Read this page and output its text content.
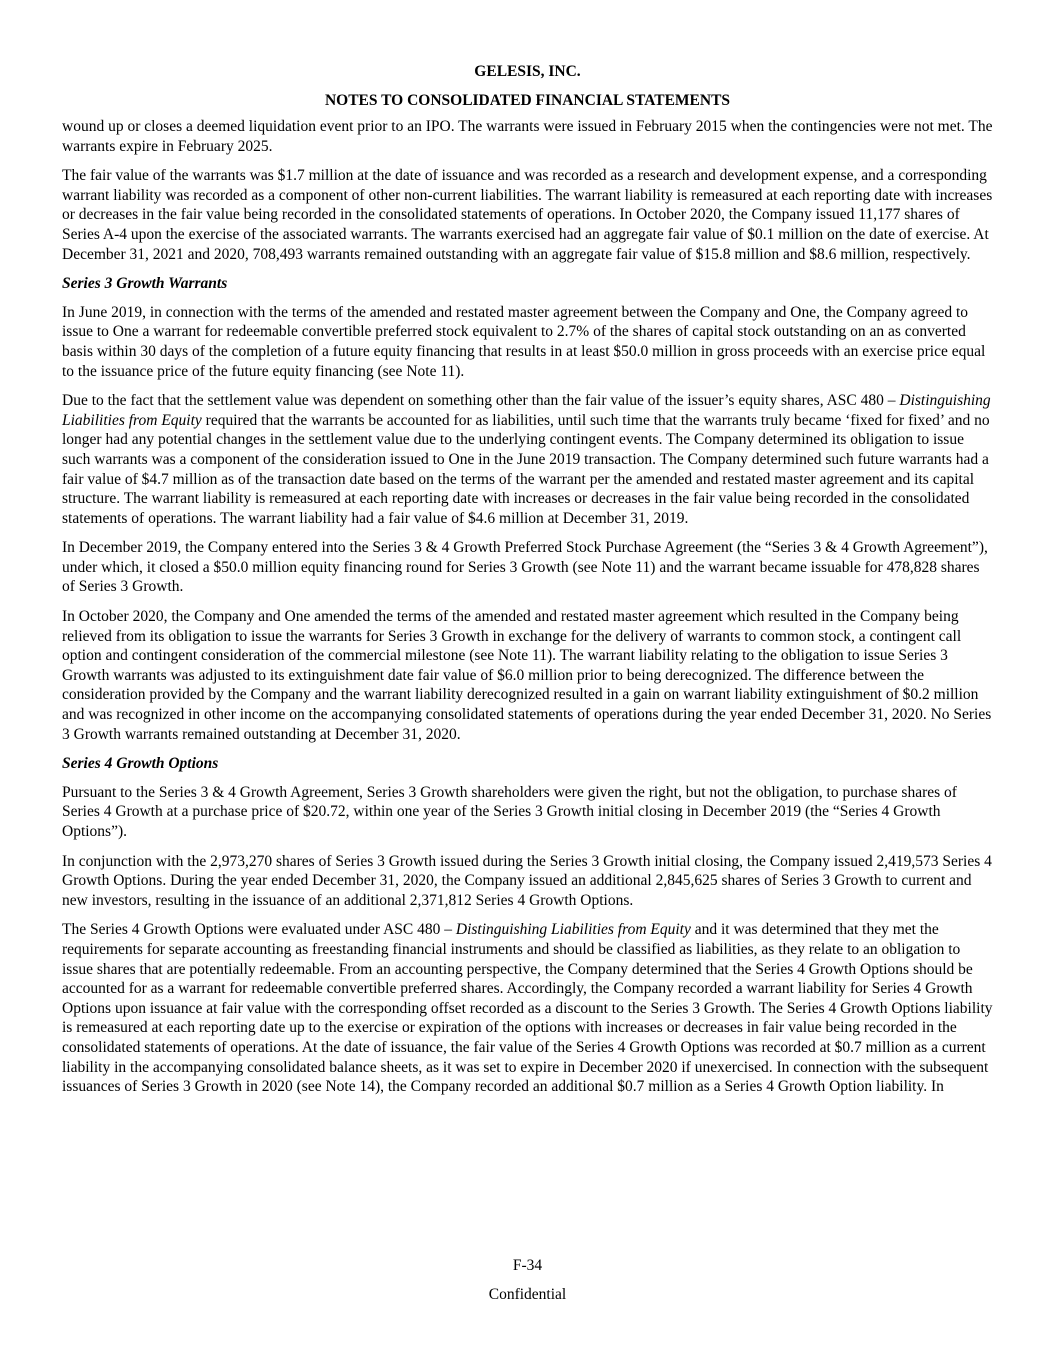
GELESIS, INC.

NOTES TO CONSOLIDATED FINANCIAL STATEMENTS

wound up or closes a deemed liquidation event prior to an IPO. The warrants were issued in February 2015 when the contingencies were not met. The warrants expire in February 2025.

The fair value of the warrants was $1.7 million at the date of issuance and was recorded as a research and development expense, and a corresponding warrant liability was recorded as a component of other non-current liabilities. The warrant liability is remeasured at each reporting date with increases or decreases in the fair value being recorded in the consolidated statements of operations. In October 2020, the Company issued 11,177 shares of Series A-4 upon the exercise of the associated warrants. The warrants exercised had an aggregate fair value of $0.1 million on the date of exercise. At December 31, 2021 and 2020, 708,493 warrants remained outstanding with an aggregate fair value of $15.8 million and $8.6 million, respectively.

Series 3 Growth Warrants

In June 2019, in connection with the terms of the amended and restated master agreement between the Company and One, the Company agreed to issue to One a warrant for redeemable convertible preferred stock equivalent to 2.7% of the shares of capital stock outstanding on an as converted basis within 30 days of the completion of a future equity financing that results in at least $50.0 million in gross proceeds with an exercise price equal to the issuance price of the future equity financing (see Note 11).

Due to the fact that the settlement value was dependent on something other than the fair value of the issuer’s equity shares, ASC 480 – Distinguishing Liabilities from Equity required that the warrants be accounted for as liabilities, until such time that the warrants truly became ‘fixed for fixed’ and no longer had any potential changes in the settlement value due to the underlying contingent events. The Company determined its obligation to issue such warrants was a component of the consideration issued to One in the June 2019 transaction. The Company determined such future warrants had a fair value of $4.7 million as of the transaction date based on the terms of the warrant per the amended and restated master agreement and its capital structure. The warrant liability is remeasured at each reporting date with increases or decreases in the fair value being recorded in the consolidated statements of operations. The warrant liability had a fair value of $4.6 million at December 31, 2019.

In December 2019, the Company entered into the Series 3 & 4 Growth Preferred Stock Purchase Agreement (the “Series 3 & 4 Growth Agreement”), under which, it closed a $50.0 million equity financing round for Series 3 Growth (see Note 11) and the warrant became issuable for 478,828 shares of Series 3 Growth.

In October 2020, the Company and One amended the terms of the amended and restated master agreement which resulted in the Company being relieved from its obligation to issue the warrants for Series 3 Growth in exchange for the delivery of warrants to common stock, a contingent call option and contingent consideration of the commercial milestone (see Note 11). The warrant liability relating to the obligation to issue Series 3 Growth warrants was adjusted to its extinguishment date fair value of $6.0 million prior to being derecognized. The difference between the consideration provided by the Company and the warrant liability derecognized resulted in a gain on warrant liability extinguishment of $0.2 million and was recognized in other income on the accompanying consolidated statements of operations during the year ended December 31, 2020. No Series 3 Growth warrants remained outstanding at December 31, 2020.

Series 4 Growth Options

Pursuant to the Series 3 & 4 Growth Agreement, Series 3 Growth shareholders were given the right, but not the obligation, to purchase shares of Series 4 Growth at a purchase price of $20.72, within one year of the Series 3 Growth initial closing in December 2019 (the “Series 4 Growth Options”).

In conjunction with the 2,973,270 shares of Series 3 Growth issued during the Series 3 Growth initial closing, the Company issued 2,419,573 Series 4 Growth Options. During the year ended December 31, 2020, the Company issued an additional 2,845,625 shares of Series 3 Growth to current and new investors, resulting in the issuance of an additional 2,371,812 Series 4 Growth Options.

The Series 4 Growth Options were evaluated under ASC 480 – Distinguishing Liabilities from Equity and it was determined that they met the requirements for separate accounting as freestanding financial instruments and should be classified as liabilities, as they relate to an obligation to issue shares that are potentially redeemable. From an accounting perspective, the Company determined that the Series 4 Growth Options should be accounted for as a warrant for redeemable convertible preferred shares. Accordingly, the Company recorded a warrant liability for Series 4 Growth Options upon issuance at fair value with the corresponding offset recorded as a discount to the Series 3 Growth. The Series 4 Growth Options liability is remeasured at each reporting date up to the exercise or expiration of the options with increases or decreases in fair value being recorded in the consolidated statements of operations. At the date of issuance, the fair value of the Series 4 Growth Options was recorded at $0.7 million as a current liability in the accompanying consolidated balance sheets, as it was set to expire in December 2020 if unexercised. In connection with the subsequent issuances of Series 3 Growth in 2020 (see Note 14), the Company recorded an additional $0.7 million as a Series 4 Growth Option liability. In

F-34
Confidential
